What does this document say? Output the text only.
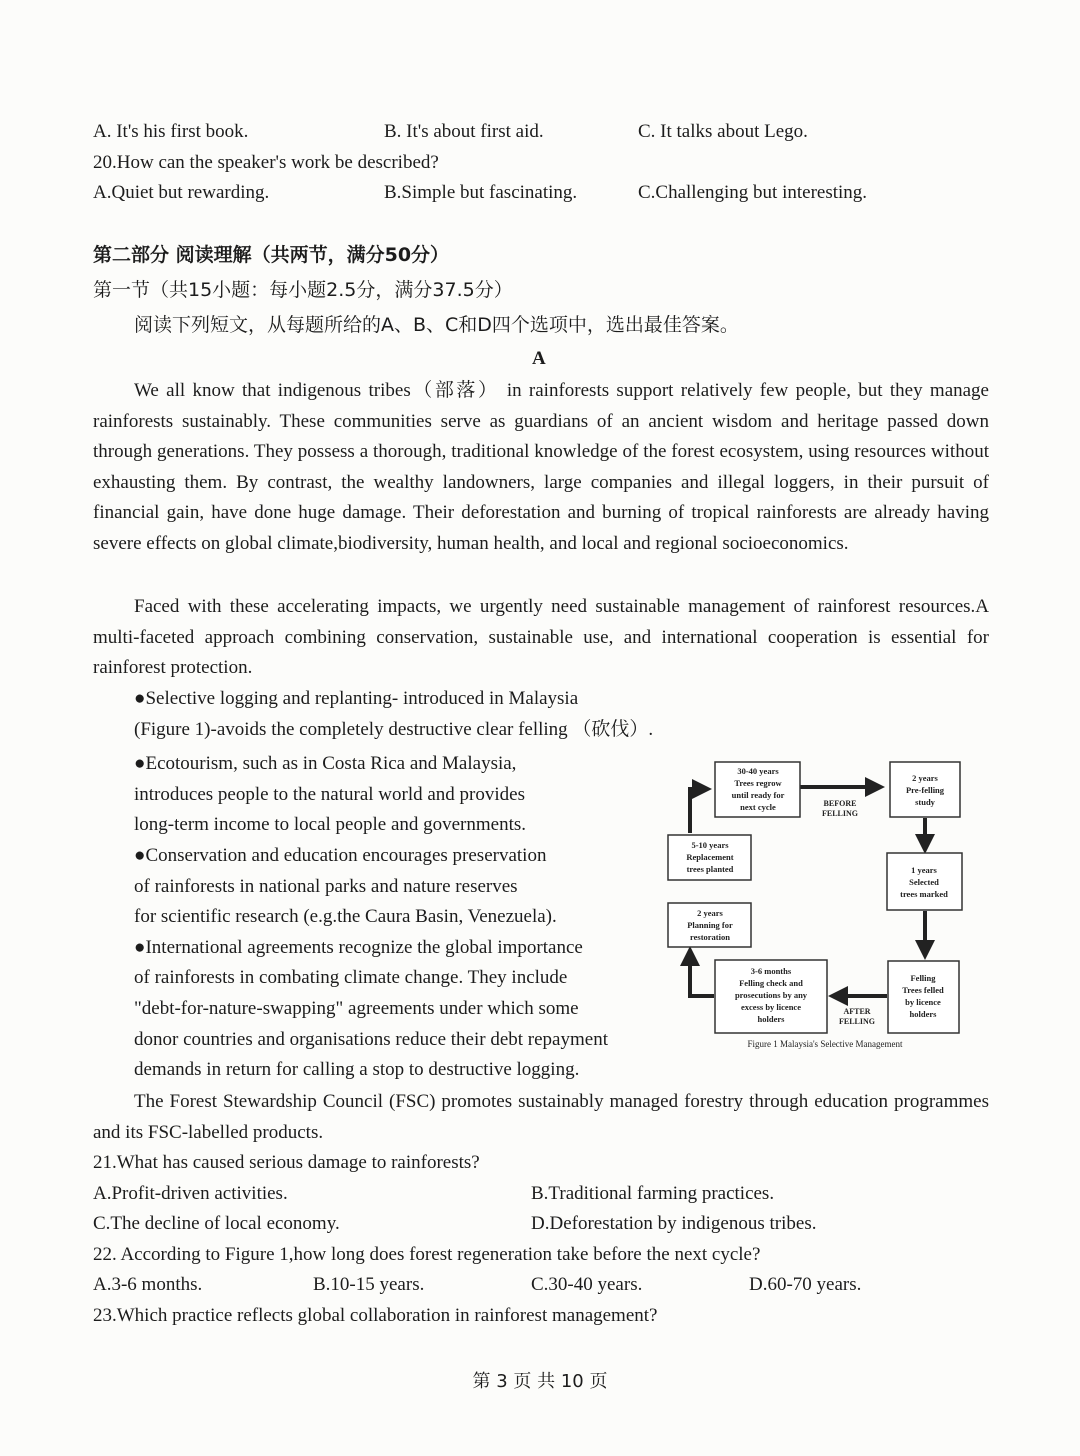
A. It's his first book.	B. It's about first aid.	C. It talks about Lego.
20.How can the speaker's work be described?
A.Quiet but rewarding.	B.Simple but fascinating.	C.Challenging but interesting.
第二部分 阅读理解（共两节，满分50分）
第一节（共15小题：每小题2.5分，满分37.5分）
阅读下列短文，从每题所给的A、B、C和D四个选项中，选出最佳答案。
A
We all know that indigenous tribes（部落） in rainforests support relatively few people, but they manage rainforests sustainably. These communities serve as guardians of an ancient wisdom and heritage passed down through generations. They possess a thorough, traditional knowledge of the forest ecosystem, using resources without exhausting them. By contrast, the wealthy landowners, large companies and illegal loggers, in their pursuit of financial gain, have done huge damage. Their deforestation and burning of tropical rainforests are already having severe effects on global climate,biodiversity, human health, and local and regional socioeconomics.
Faced with these accelerating impacts, we urgently need sustainable management of rainforest resources.A multi-faceted approach combining conservation, sustainable use, and international cooperation is essential for rainforest protection.
●Selective logging and replanting- introduced in Malaysia
(Figure 1)-avoids the completely destructive clear felling （砍伐）.
●Ecotourism, such as in Costa Rica and Malaysia,
introduces people to the natural world and provides
long-term income to local people and governments.
●Conservation and education encourages preservation
of rainforests in national parks and nature reserves
for scientific research (e.g.the Caura Basin, Venezuela).
●International agreements recognize the global importance
of rainforests in combating climate change. They include
"debt-for-nature-swapping" agreements under which some
donor countries and organisations reduce their debt repayment
demands in return for calling a stop to destructive logging.
30-40 years
Trees regrow
until ready for
next cycle
2 years
Pre-felling
study
1 years
Selected
trees marked
Felling
Trees felled
by licence
holders
3-6 months
Felling check and
prosecutions by any
excess by licence
holders
2 years
Planning for
restoration
5-10 years
Replacement
trees planted
BEFORE
FELLING
AFTER
FELLING
Figure 1 Malaysia's Selective Management
The Forest Stewardship Council (FSC) promotes sustainably managed forestry through education programmes and its FSC-labelled products.
21.What has caused serious damage to rainforests?
A.Profit-driven activities.	B.Traditional farming practices.
C.The decline of local economy.	D.Deforestation by indigenous tribes.
22. According to Figure 1,how long does forest regeneration take before the next cycle?
A.3-6 months.	B.10-15 years.	C.30-40 years.	D.60-70 years.
23.Which practice reflects global collaboration in rainforest management?
第 3 页 共 10 页
